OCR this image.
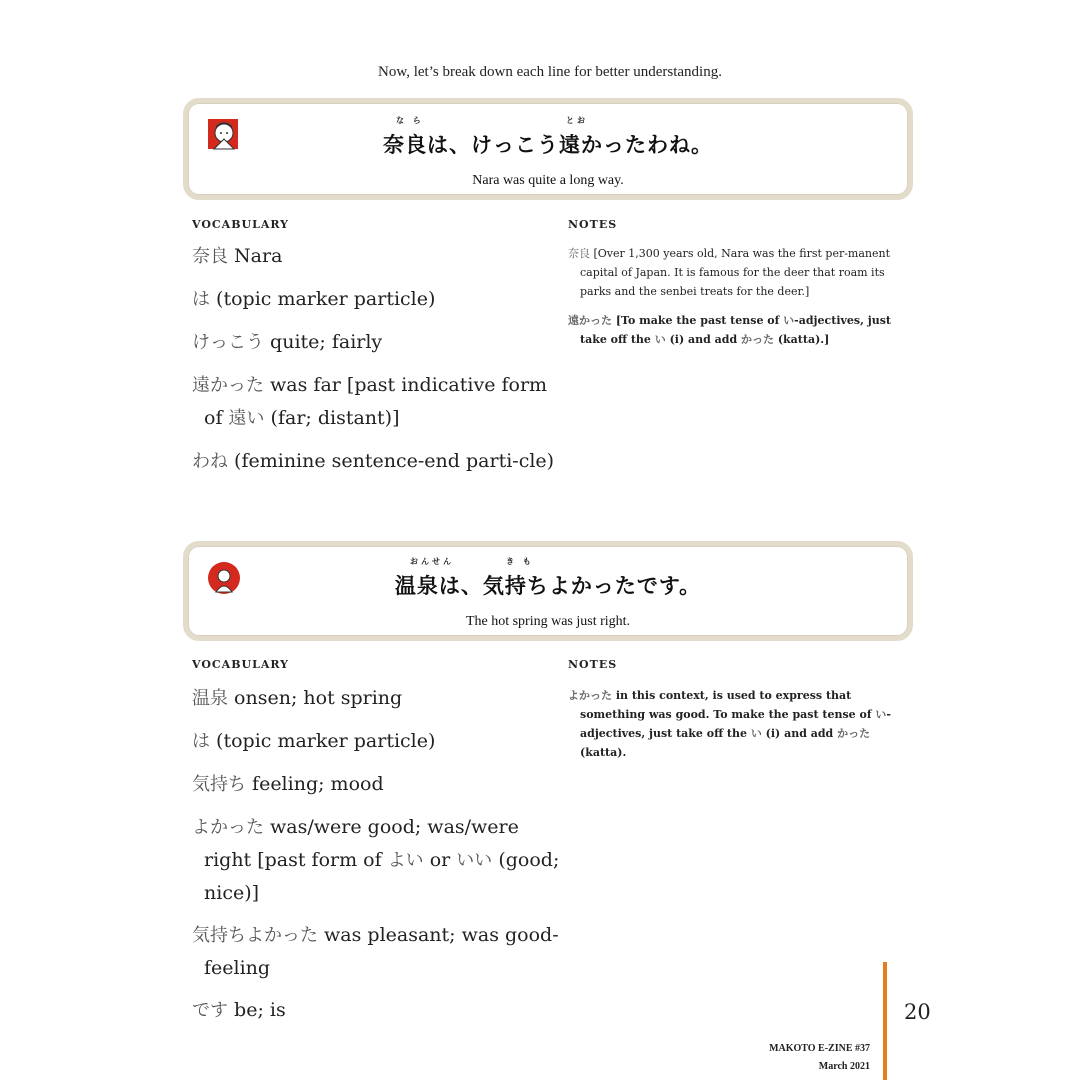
Now, let’s break down each line for better understanding.
な ら	とお
奈良は、けっこう遠かったわね。
Nara was quite a long way.
VOCABULARY	NOTES
奈良 Nara
は (topic marker particle)
けっこう quite; fairly
遠かった was far [past indicative form of 遠い (far; distant)]
わね (feminine sentence-end parti-cle)
奈良 [Over 1,300 years old, Nara was the first per-manent capital of Japan. It is famous for the deer that roam its parks and the senbei treats for the deer.]
遠かった [To make the past tense of い-adjectives, just take off the い (i) and add かった (katta).]
おんせん	き も
温泉は、気持ちよかったです。
The hot spring was just right.
VOCABULARY	NOTES
温泉 onsen; hot spring
は (topic marker particle)
気持ち feeling; mood
よかった was/were good; was/were right [past form of よい or いい (good; nice)]
気持ちよかった was pleasant; was good-feeling
です be; is
よかった in this context, is used to express that something was good. To make the past tense of い-adjectives, just take off the い (i) and add かった (katta).
20
MAKOTO E-ZINE #37
March 2021
